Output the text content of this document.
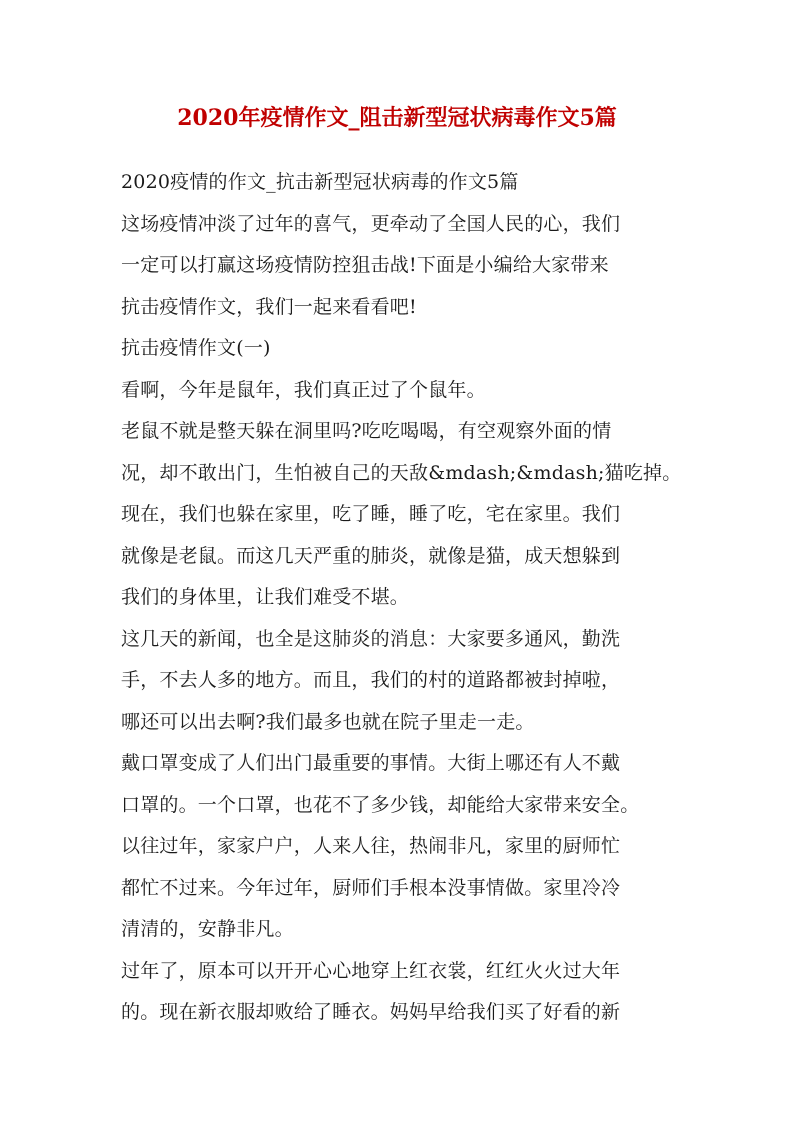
2020年疫情作文_阻击新型冠状病毒作文5篇
2020疫情的作文_抗击新型冠状病毒的作文5篇
这场疫情冲淡了过年的喜气，更牵动了全国人民的心，我们
一定可以打赢这场疫情防控狙击战!下面是小编给大家带来
抗击疫情作文，我们一起来看看吧!
抗击疫情作文(一)
看啊，今年是鼠年，我们真正过了个鼠年。
老鼠不就是整天躲在洞里吗?吃吃喝喝，有空观察外面的情
况，却不敢出门，生怕被自己的天敌&mdash;&mdash;猫吃掉。
现在，我们也躲在家里，吃了睡，睡了吃，宅在家里。我们
就像是老鼠。而这几天严重的肺炎，就像是猫，成天想躲到
我们的身体里，让我们难受不堪。
这几天的新闻，也全是这肺炎的消息：大家要多通风，勤洗
手，不去人多的地方。而且，我们的村的道路都被封掉啦，
哪还可以出去啊?我们最多也就在院子里走一走。
戴口罩变成了人们出门最重要的事情。大街上哪还有人不戴
口罩的。一个口罩，也花不了多少钱，却能给大家带来安全。
以往过年，家家户户，人来人往，热闹非凡，家里的厨师忙
都忙不过来。今年过年，厨师们手根本没事情做。家里冷冷
清清的，安静非凡。
过年了，原本可以开开心心地穿上红衣裳，红红火火过大年
的。现在新衣服却败给了睡衣。妈妈早给我们买了好看的新
